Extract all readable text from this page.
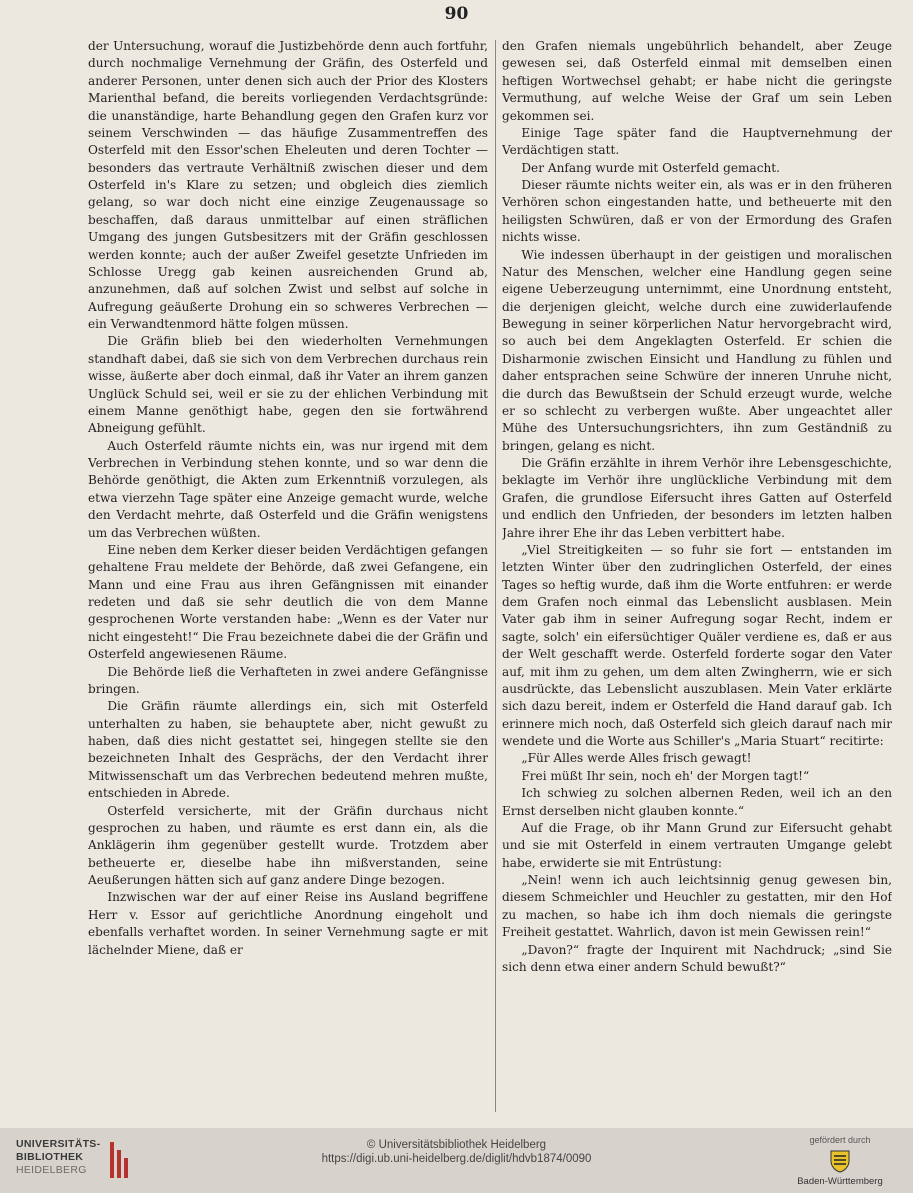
90

der Untersuchung, worauf die Justizbehörde denn auch fortfuhr, durch nochmalige Vernehmung der Gräfin, des Osterfeld und anderer Personen, unter denen sich auch der Prior des Klosters Marienthal befand, die bereits vorliegenden Verdachtsgründe: die unanständige, harte Behandlung gegen den Grafen kurz vor seinem Verschwinden — das häufige Zusammentreffen des Osterfeld mit den Essor'schen Eheleuten und deren Tochter — besonders das vertraute Verhältniß zwischen dieser und dem Osterfeld in's Klare zu setzen; und obgleich dies ziemlich gelang, so war doch nicht eine einzige Zeugenaussage so beschaffen, daß daraus unmittelbar auf einen sträflichen Umgang des jungen Gutsbesitzers mit der Gräfin geschlossen werden konnte; auch der außer Zweifel gesetzte Unfrieden im Schlosse Uregg gab keinen ausreichenden Grund ab, anzunehmen, daß auf solchen Zwist und selbst auf solche in Aufregung geäußerte Drohung ein so schweres Verbrechen — ein Verwandtenmord hätte folgen müssen.

Die Gräfin blieb bei den wiederholten Vernehmungen standhaft dabei, daß sie sich von dem Verbrechen durchaus rein wisse, äußerte aber doch einmal, daß ihr Vater an ihrem ganzen Unglück Schuld sei, weil er sie zu der ehlichen Verbindung mit einem Manne genöthigt habe, gegen den sie fortwährend Abneigung gefühlt.

Auch Osterfeld räumte nichts ein, was nur irgend mit dem Verbrechen in Verbindung stehen konnte, und so war denn die Behörde genöthigt, die Akten zum Erkenntniß vorzulegen, als etwa vierzehn Tage später eine Anzeige gemacht wurde, welche den Verdacht mehrte, daß Osterfeld und die Gräfin wenigstens um das Verbrechen wüßten.

Eine neben dem Kerker dieser beiden Verdächtigen gefangen gehaltene Frau meldete der Behörde, daß zwei Gefangene, ein Mann und eine Frau aus ihren Gefängnissen mit einander redeten und daß sie sehr deutlich die von dem Manne gesprochenen Worte verstanden habe: „Wenn es der Vater nur nicht eingesteht!“ Die Frau bezeichnete dabei die der Gräfin und Osterfeld angewiesenen Räume.

Die Behörde ließ die Verhafteten in zwei andere Gefängnisse bringen.

Die Gräfin räumte allerdings ein, sich mit Osterfeld unterhalten zu haben, sie behauptete aber, nicht gewußt zu haben, daß dies nicht gestattet sei, hingegen stellte sie den bezeichneten Inhalt des Gesprächs, der den Verdacht ihrer Mitwissenschaft um das Verbrechen bedeutend mehren mußte, entschieden in Abrede.

Osterfeld versicherte, mit der Gräfin durchaus nicht gesprochen zu haben, und räumte es erst dann ein, als die Anklägerin ihm gegenüber gestellt wurde. Trotzdem aber betheuerte er, dieselbe habe ihn mißverstanden, seine Aeußerungen hätten sich auf ganz andere Dinge bezogen.

Inzwischen war der auf einer Reise ins Ausland begriffene Herr v. Essor auf gerichtliche Anordnung eingeholt und ebenfalls verhaftet worden. In seiner Vernehmung sagte er mit lächelnder Miene, daß er

den Grafen niemals ungebührlich behandelt, aber Zeuge gewesen sei, daß Osterfeld einmal mit demselben einen heftigen Wortwechsel gehabt; er habe nicht die geringste Vermuthung, auf welche Weise der Graf um sein Leben gekommen sei.

Einige Tage später fand die Hauptvernehmung der Verdächtigen statt.

Der Anfang wurde mit Osterfeld gemacht.

Dieser räumte nichts weiter ein, als was er in den früheren Verhören schon eingestanden hatte, und betheuerte mit den heiligsten Schwüren, daß er von der Ermordung des Grafen nichts wisse.

Wie indessen überhaupt in der geistigen und moralischen Natur des Menschen, welcher eine Handlung gegen seine eigene Ueberzeugung unternimmt, eine Unordnung entsteht, die derjenigen gleicht, welche durch eine zuwiderlaufende Bewegung in seiner körperlichen Natur hervorgebracht wird, so auch bei dem Angeklagten Osterfeld. Er schien die Disharmonie zwischen Einsicht und Handlung zu fühlen und daher entsprachen seine Schwüre der inneren Unruhe nicht, die durch das Bewußtsein der Schuld erzeugt wurde, welche er so schlecht zu verbergen wußte. Aber ungeachtet aller Mühe des Untersuchungsrichters, ihn zum Geständniß zu bringen, gelang es nicht.

Die Gräfin erzählte in ihrem Verhör ihre Lebensgeschichte, beklagte im Verhör ihre unglückliche Verbindung mit dem Grafen, die grundlose Eifersucht ihres Gatten auf Osterfeld und endlich den Unfrieden, der besonders im letzten halben Jahre ihrer Ehe ihr das Leben verbittert habe.

„Viel Streitigkeiten — so fuhr sie fort — entstanden im letzten Winter über den zudringlichen Osterfeld, der eines Tages so heftig wurde, daß ihm die Worte entfuhren: er werde dem Grafen noch einmal das Lebenslicht ausblasen. Mein Vater gab ihm in seiner Aufregung sogar Recht, indem er sagte, solch' ein eifersüchtiger Quäler verdiene es, daß er aus der Welt geschafft werde. Osterfeld forderte sogar den Vater auf, mit ihm zu gehen, um dem alten Zwingherrn, wie er sich ausdrückte, das Lebenslicht auszublasen. Mein Vater erklärte sich dazu bereit, indem er Osterfeld die Hand darauf gab. Ich erinnere mich noch, daß Osterfeld sich gleich darauf nach mir wendete und die Worte aus Schiller's „Maria Stuart“ recitirte:

„Für Alles werde Alles frisch gewagt!

Frei müßt Ihr sein, noch eh' der Morgen tagt!“

Ich schwieg zu solchen albernen Reden, weil ich an den Ernst derselben nicht glauben konnte.“

Auf die Frage, ob ihr Mann Grund zur Eifersucht gehabt und sie mit Osterfeld in einem vertrauten Umgange gelebt habe, erwiderte sie mit Entrüstung:

„Nein! wenn ich auch leichtsinnig genug gewesen bin, diesem Schmeichler und Heuchler zu gestatten, mir den Hof zu machen, so habe ich ihm doch niemals die geringste Freiheit gestattet. Wahrlich, davon ist mein Gewissen rein!“

„Davon?“ fragte der Inquirent mit Nachdruck; „sind Sie sich denn etwa einer andern Schuld bewußt?“

UNIVERSITÄTS-
BIBLIOTHEK
HEIDELBERG
© Universitätsbibliothek Heidelberg
https://digi.ub.uni-heidelberg.de/diglit/hdvb1874/0090
gefördert durch
Baden-Württemberg
